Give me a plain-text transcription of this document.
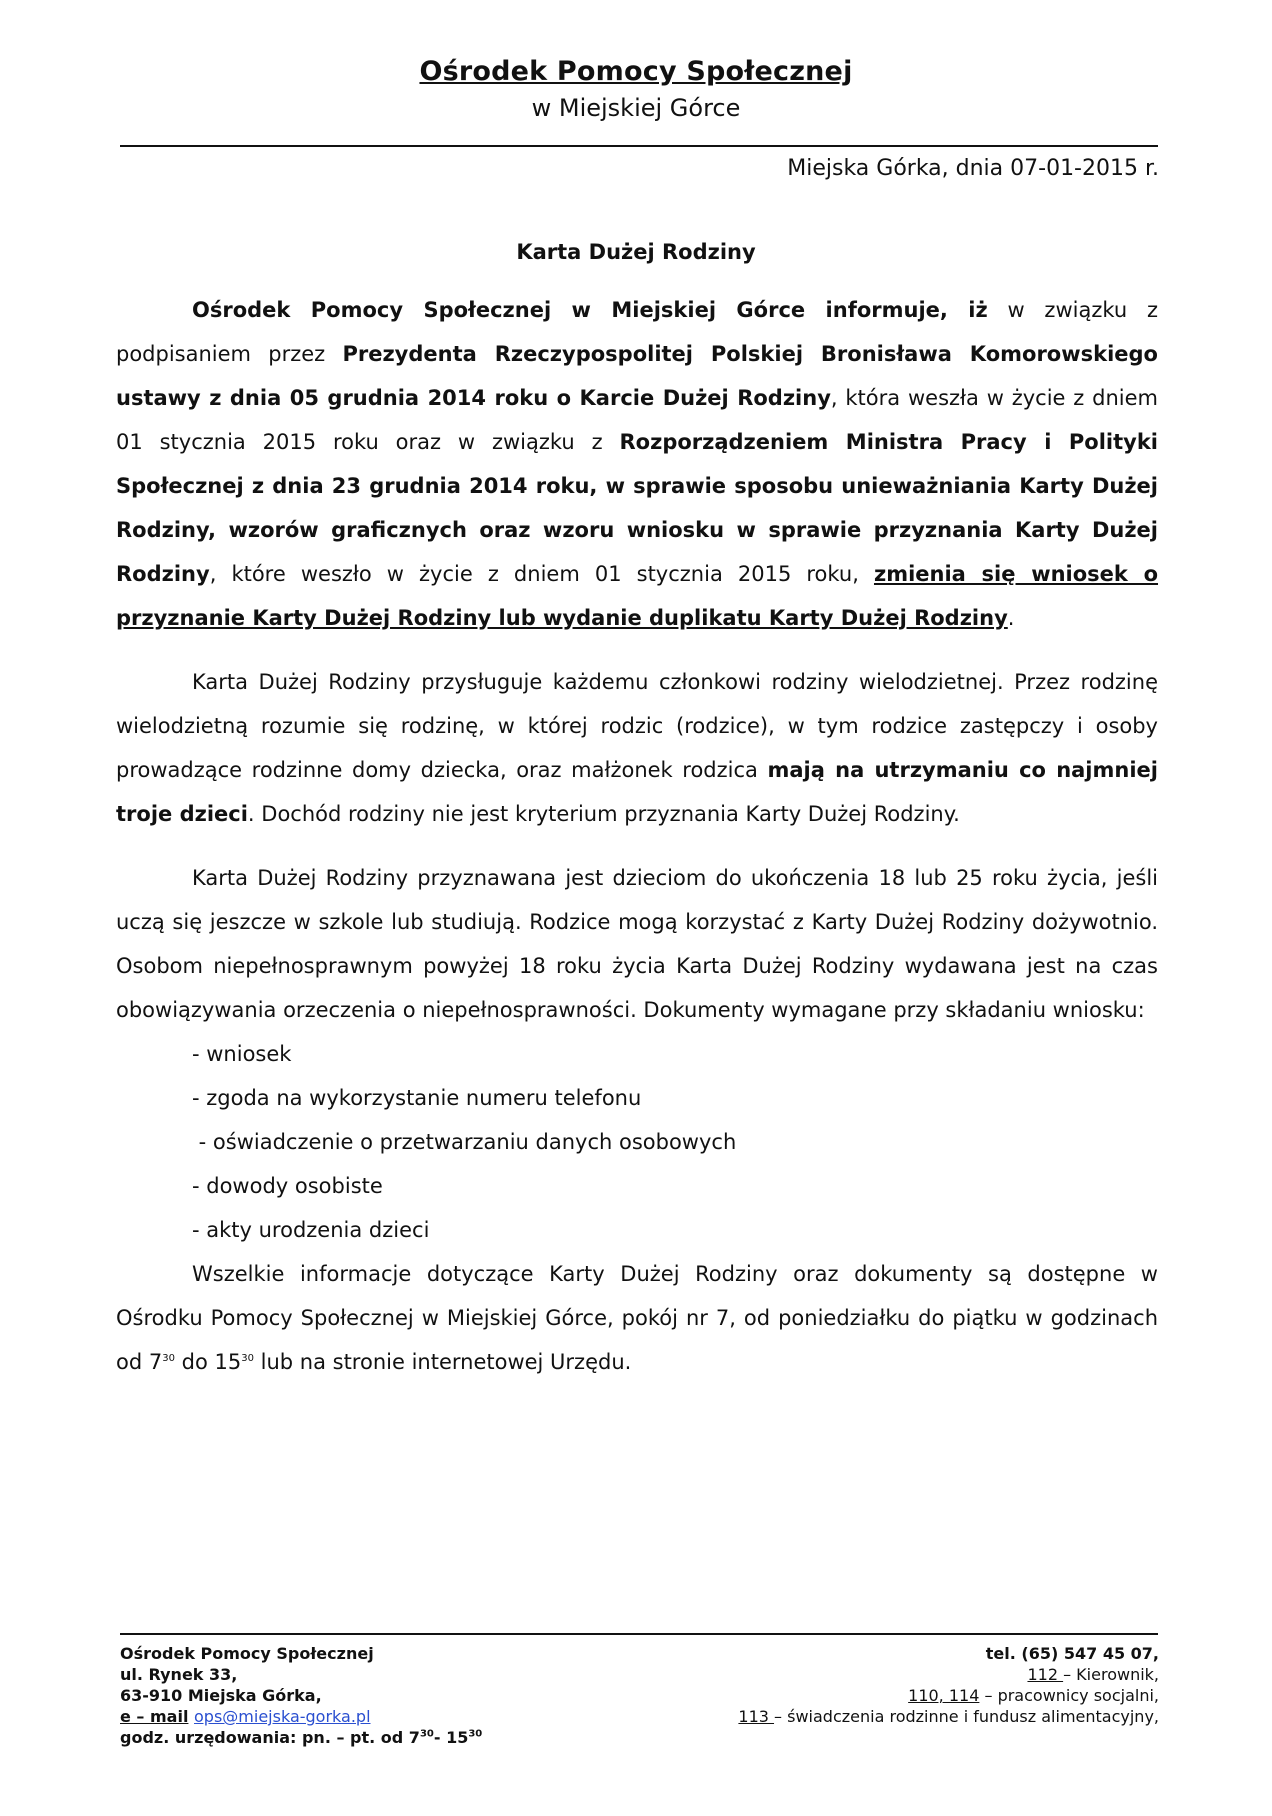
Ośrodek Pomocy Społecznej
w Miejskiej Górce
Miejska Górka, dnia 07-01-2015 r.
Karta Dużej Rodziny

Ośrodek Pomocy Społecznej w Miejskiej Górce informuje, iż w związku z podpisaniem przez Prezydenta Rzeczypospolitej Polskiej Bronisława Komorowskiego ustawy z dnia 05 grudnia 2014 roku o Karcie Dużej Rodziny, która weszła w życie z dniem 01 stycznia 2015 roku oraz w związku z Rozporządzeniem Ministra Pracy i Polityki Społecznej z dnia 23 grudnia 2014 roku, w sprawie sposobu unieważniania Karty Dużej Rodziny, wzorów graficznych oraz wzoru wniosku w sprawie przyznania Karty Dużej Rodziny, które weszło w życie z dniem 01 stycznia 2015 roku, zmienia się wniosek o przyznanie Karty Dużej Rodziny lub wydanie duplikatu Karty Dużej Rodziny.

Karta Dużej Rodziny przysługuje każdemu członkowi rodziny wielodzietnej. Przez rodzinę wielodzietną rozumie się rodzinę, w której rodzic (rodzice), w tym rodzice zastępczy i osoby prowadzące rodzinne domy dziecka, oraz małżonek rodzica mają na utrzymaniu co najmniej troje dzieci. Dochód rodziny nie jest kryterium przyznania Karty Dużej Rodziny.

Karta Dużej Rodziny przyznawana jest dzieciom do ukończenia 18 lub 25 roku życia, jeśli uczą się jeszcze w szkole lub studiują. Rodzice mogą korzystać z Karty Dużej Rodziny dożywotnio. Osobom niepełnosprawnym powyżej 18 roku życia Karta Dużej Rodziny wydawana jest na czas obowiązywania orzeczenia o niepełnosprawności. Dokumenty wymagane przy składaniu wniosku:

- wniosek

- zgoda na wykorzystanie numeru telefonu

- oświadczenie o przetwarzaniu danych osobowych

- dowody osobiste

- akty urodzenia dzieci

Wszelkie informacje dotyczące Karty Dużej Rodziny oraz dokumenty są dostępne w Ośrodku Pomocy Społecznej w Miejskiej Górce, pokój nr 7, od poniedziałku do piątku w godzinach od $7^{30}$ do $15^{30}$ lub na stronie internetowej Urzędu.

Ośrodek Pomocy Społecznej
ul. Rynek 33,
63-910 Miejska Górka,
e – mail ops@miejska-gorka.pl
godz. urzędowania: pn. – pt. od $7^{30}-$ $15^{30}$
tel. (65) 547 45 07,
112 – Kierownik,
110, 114 – pracownicy socjalni,
113 – świadczenia rodzinne i fundusz alimentacyjny,
